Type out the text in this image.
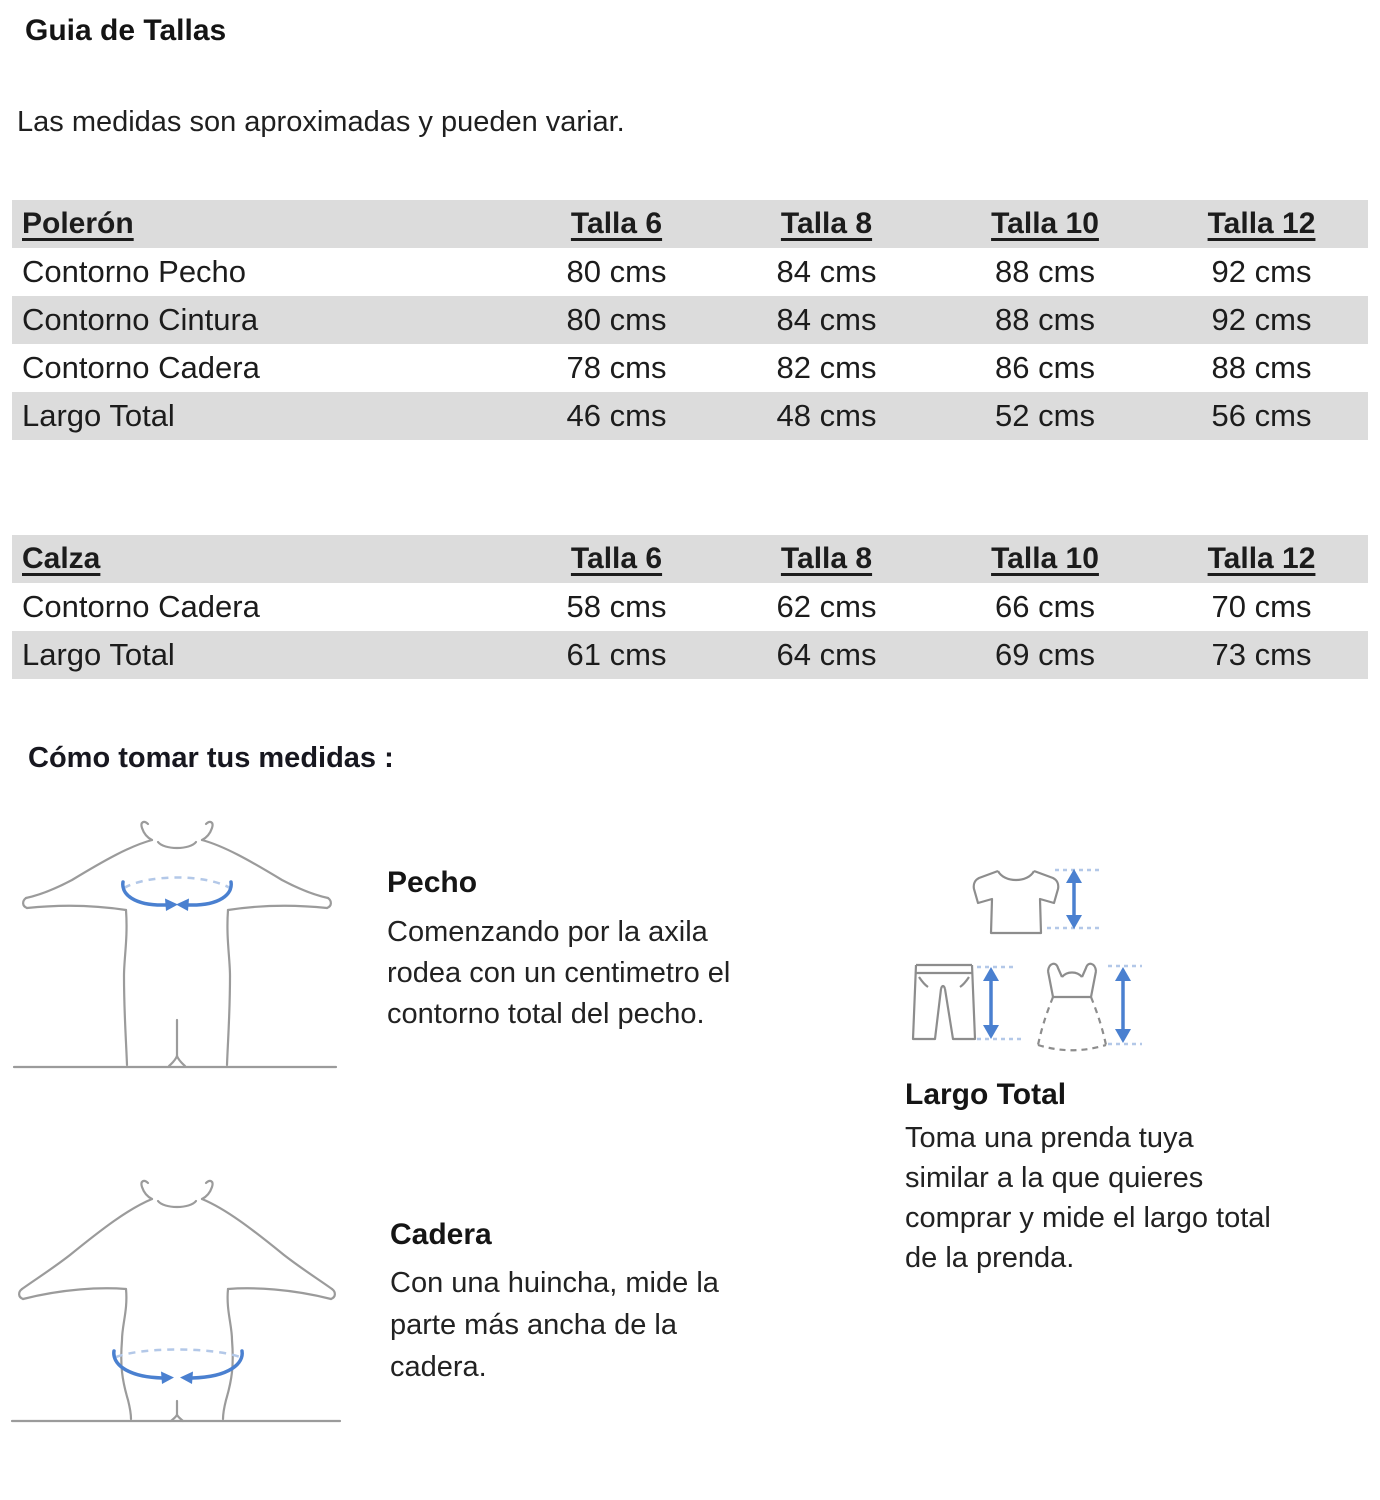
Guia de Tallas
Las medidas son aproximadas y pueden variar.
Polerón	Talla 6	Talla 8	Talla 10	Talla 12
Contorno Pecho	80 cms	84 cms	88 cms	92 cms
Contorno Cintura	80 cms	84 cms	88 cms	92 cms
Contorno Cadera	78 cms	82 cms	86 cms	88 cms
Largo Total	46 cms	48 cms	52 cms	56 cms
Calza	Talla 6	Talla 8	Talla 10	Talla 12
Contorno Cadera	58 cms	62 cms	66 cms	70 cms
Largo Total	61 cms	64 cms	69 cms	73 cms
Cómo tomar tus medidas :
Pecho
Comenzando por la axila
rodea con un centimetro el
contorno total del pecho.
Largo Total
Toma una prenda tuya
similar a la que quieres
comprar y mide el largo total
de la prenda.
Cadera
Con una huincha, mide la
parte más ancha de la
cadera.
